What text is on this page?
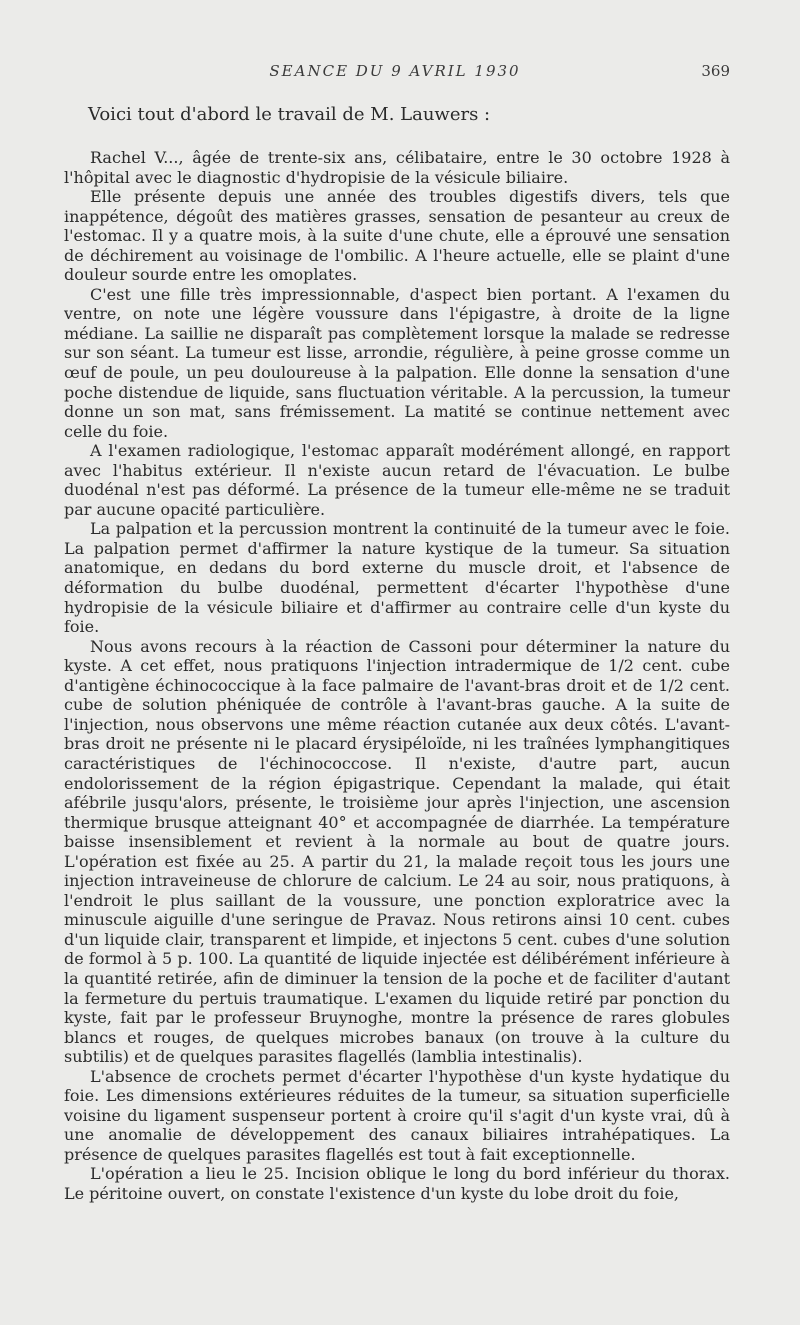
SEANCE DU 9 AVRIL 1930	369
Voici tout d'abord le travail de M. Lauwers :

Rachel V..., âgée de trente-six ans, célibataire, entre le 30 octobre 1928 à l'hôpital avec le diagnostic d'hydropisie de la vésicule biliaire.

Elle présente depuis une année des troubles digestifs divers, tels que inappétence, dégoût des matières grasses, sensation de pesanteur au creux de l'estomac. Il y a quatre mois, à la suite d'une chute, elle a éprouvé une sensation de déchirement au voisinage de l'ombilic. A l'heure actuelle, elle se plaint d'une douleur sourde entre les omoplates.

C'est une fille très impressionnable, d'aspect bien portant. A l'examen du ventre, on note une légère voussure dans l'épigastre, à droite de la ligne médiane. La saillie ne disparaît pas complètement lorsque la malade se redresse sur son séant. La tumeur est lisse, arrondie, régulière, à peine grosse comme un œuf de poule, un peu douloureuse à la palpation. Elle donne la sensation d'une poche distendue de liquide, sans fluctuation véritable. A la percussion, la tumeur donne un son mat, sans frémissement. La matité se continue nettement avec celle du foie.

A l'examen radiologique, l'estomac apparaît modérément allongé, en rapport avec l'habitus extérieur. Il n'existe aucun retard de l'évacuation. Le bulbe duodénal n'est pas déformé. La présence de la tumeur elle-même ne se traduit par aucune opacité particulière.

La palpation et la percussion montrent la continuité de la tumeur avec le foie. La palpation permet d'affirmer la nature kystique de la tumeur. Sa situation anatomique, en dedans du bord externe du muscle droit, et l'absence de déformation du bulbe duodénal, permettent d'écarter l'hypothèse d'une hydropisie de la vésicule biliaire et d'affirmer au contraire celle d'un kyste du foie.

Nous avons recours à la réaction de Cassoni pour déterminer la nature du kyste. A cet effet, nous pratiquons l'injection intradermique de 1/2 cent. cube d'antigène échinococcique à la face palmaire de l'avant-bras droit et de 1/2 cent. cube de solution phéniquée de contrôle à l'avant-bras gauche. A la suite de l'injection, nous observons une même réaction cutanée aux deux côtés. L'avant-bras droit ne présente ni le placard érysipéloïde, ni les traînées lymphangitiques caractéristiques de l'échinococcose. Il n'existe, d'autre part, aucun endolorissement de la région épigastrique. Cependant la malade, qui était afébrile jusqu'alors, présente, le troisième jour après l'injection, une ascension thermique brusque atteignant 40° et accompagnée de diarrhée. La température baisse insensiblement et revient à la normale au bout de quatre jours. L'opération est fixée au 25. A partir du 21, la malade reçoit tous les jours une injection intraveineuse de chlorure de calcium. Le 24 au soir, nous pratiquons, à l'endroit le plus saillant de la voussure, une ponction exploratrice avec la minuscule aiguille d'une seringue de Pravaz. Nous retirons ainsi 10 cent. cubes d'un liquide clair, transparent et limpide, et injectons 5 cent. cubes d'une solution de formol à 5 p. 100. La quantité de liquide injectée est délibérément inférieure à la quantité retirée, afin de diminuer la tension de la poche et de faciliter d'autant la fermeture du pertuis traumatique. L'examen du liquide retiré par ponction du kyste, fait par le professeur Bruynoghe, montre la présence de rares globules blancs et rouges, de quelques microbes banaux (on trouve à la culture du subtilis) et de quelques parasites flagellés (lamblia intestinalis).

L'absence de crochets permet d'écarter l'hypothèse d'un kyste hydatique du foie. Les dimensions extérieures réduites de la tumeur, sa situation superficielle voisine du ligament suspenseur portent à croire qu'il s'agit d'un kyste vrai, dû à une anomalie de développement des canaux biliaires intrahépatiques. La présence de quelques parasites flagellés est tout à fait exceptionnelle.

L'opération a lieu le 25. Incision oblique le long du bord inférieur du thorax. Le péritoine ouvert, on constate l'existence d'un kyste du lobe droit du foie,
